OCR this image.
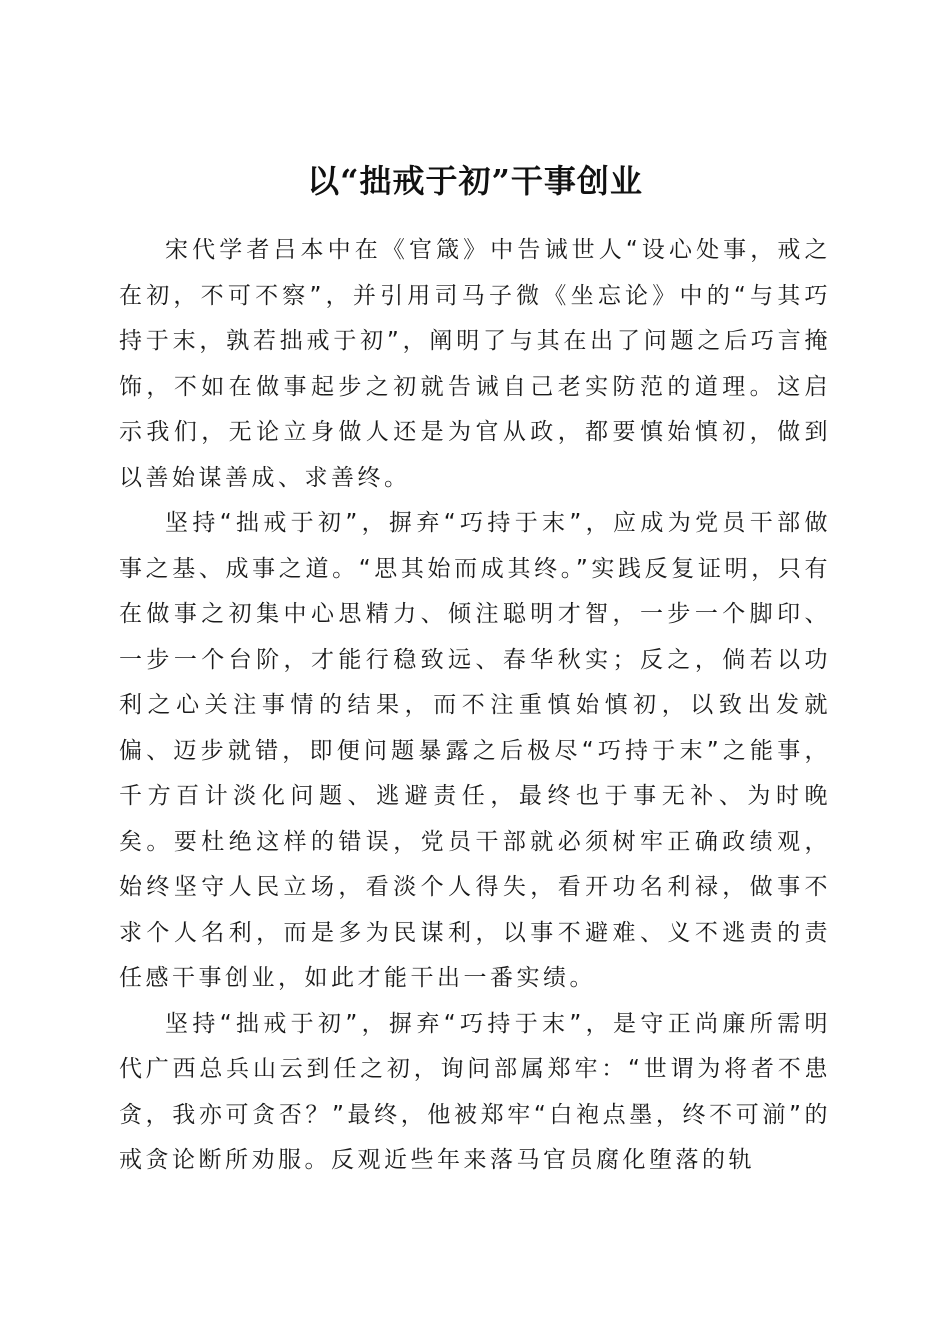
以“拙戒于初”干事创业

宋代学者吕本中在《官箴》中告诫世人“设心处事，戒之在初，不可不察”，并引用司马子微《坐忘论》中的“与其巧持于末，孰若拙戒于初”，阐明了与其在出了问题之后巧言掩饰，不如在做事起步之初就告诫自己老实防范的道理。这启示我们，无论立身做人还是为官从政，都要慎始慎初，做到以善始谋善成、求善终。

坚持“拙戒于初”，摒弃“巧持于末”，应成为党员干部做事之基、成事之道。“思其始而成其终。”实践反复证明，只有在做事之初集中心思精力、倾注聪明才智，一步一个脚印、一步一个台阶，才能行稳致远、春华秋实；反之，倘若以功利之心关注事情的结果，而不注重慎始慎初，以致出发就偏、迈步就错，即便问题暴露之后极尽“巧持于末”之能事，千方百计淡化问题、逃避责任，最终也于事无补、为时晚矣。要杜绝这样的错误，党员干部就必须树牢正确政绩观，始终坚守人民立场，看淡个人得失，看开功名利禄，做事不求个人名利，而是多为民谋利，以事不避难、义不逃责的责任感干事创业，如此才能干出一番实绩。

坚持“拙戒于初”，摒弃“巧持于末”，是守正尚廉所需明代广西总兵山云到任之初，询问部属郑牢：“世谓为将者不患贪，我亦可贪否？”最终，他被郑牢“白袍点墨，终不可湔”的戒贪论断所劝服。反观近些年来落马官员腐化堕落的轨
